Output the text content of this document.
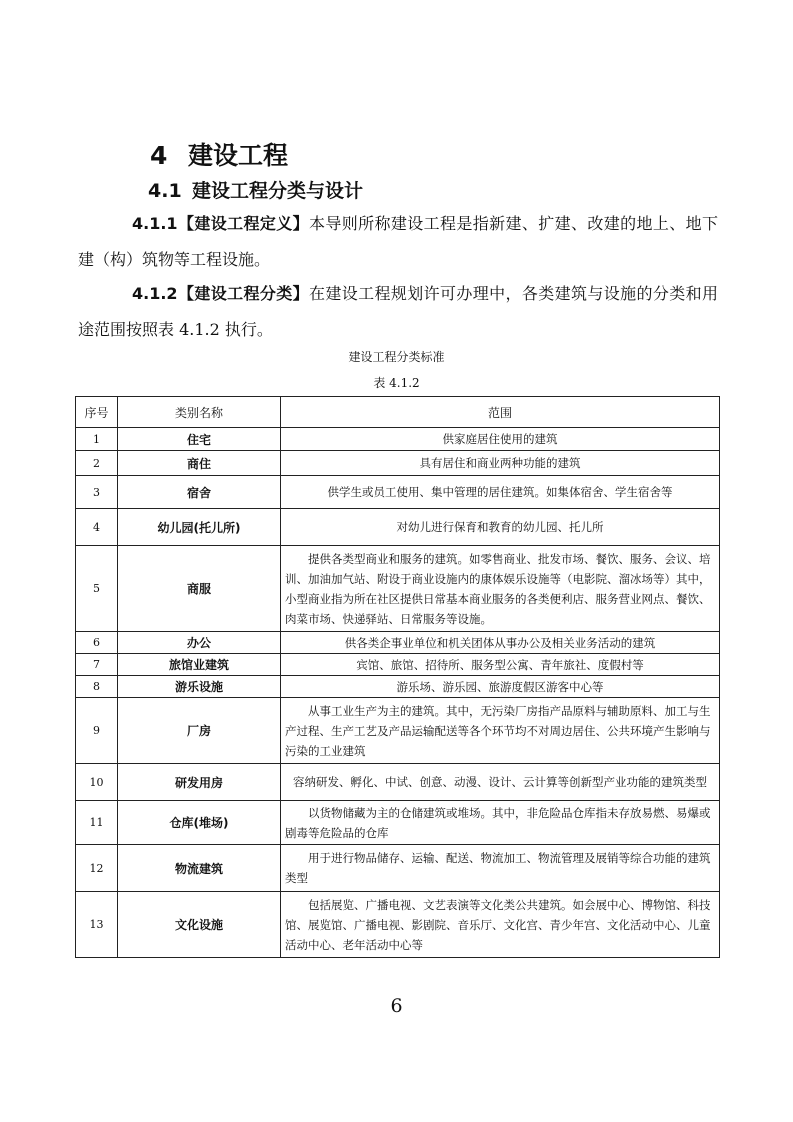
4 建设工程
4.1 建设工程分类与设计
4.1.1【建设工程定义】本导则所称建设工程是指新建、扩建、改建的地上、地下建（构）筑物等工程设施。
4.1.2【建设工程分类】在建设工程规划许可办理中，各类建筑与设施的分类和用途范围按照表 4.1.2 执行。
建设工程分类标准
表 4.1.2
序号	类别名称	范围
1	住宅	供家庭居住使用的建筑
2	商住	具有居住和商业两种功能的建筑
3	宿舍	供学生或员工使用、集中管理的居住建筑。如集体宿舍、学生宿舍等
4	幼儿园(托儿所)	对幼儿进行保育和教育的幼儿园、托儿所
5	商服	提供各类型商业和服务的建筑。如零售商业、批发市场、餐饮、服务、会议、培训、加油加气站、附设于商业设施内的康体娱乐设施等（电影院、溜冰场等）其中，小型商业指为所在社区提供日常基本商业服务的各类便利店、服务营业网点、餐饮、肉菜市场、快递驿站、日常服务等设施。
6	办公	供各类企事业单位和机关团体从事办公及相关业务活动的建筑
7	旅馆业建筑	宾馆、旅馆、招待所、服务型公寓、青年旅社、度假村等
8	游乐设施	游乐场、游乐园、旅游度假区游客中心等
9	厂房	从事工业生产为主的建筑。其中，无污染厂房指产品原料与辅助原料、加工与生产过程、生产工艺及产品运输配送等各个环节均不对周边居住、公共环境产生影响与污染的工业建筑
10	研发用房	容纳研发、孵化、中试、创意、动漫、设计、云计算等创新型产业功能的建筑类型
11	仓库(堆场)	以货物储藏为主的仓储建筑或堆场。其中，非危险品仓库指未存放易燃、易爆或剧毒等危险品的仓库
12	物流建筑	用于进行物品储存、运输、配送、物流加工、物流管理及展销等综合功能的建筑类型
13	文化设施	包括展览、广播电视、文艺表演等文化类公共建筑。如会展中心、博物馆、科技馆、展览馆、广播电视、影剧院、音乐厅、文化宫、青少年宫、文化活动中心、儿童活动中心、老年活动中心等
6
